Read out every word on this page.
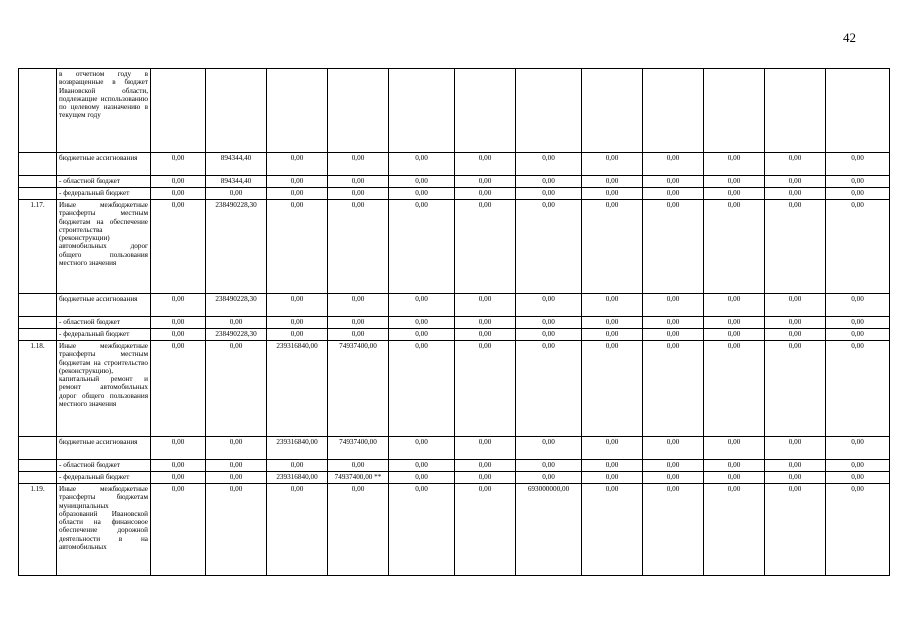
42
	в отчетном году в возвращенные в бюджет Ивановской области, подлежащие использованию по целевому назначению в текущем году												
	бюджетные ассигнования	0,00	894344,40	0,00	0,00	0,00	0,00	0,00	0,00	0,00	0,00	0,00	0,00
	- областной бюджет	0,00	894344,40	0,00	0,00	0,00	0,00	0,00	0,00	0,00	0,00	0,00	0,00
	- федеральный бюджет	0,00	0,00	0,00	0,00	0,00	0,00	0,00	0,00	0,00	0,00	0,00	0,00
1.17.	Иные межбюджетные трансферты местным бюджетам на обеспечение строительства (реконструкции) автомобильных дорог общего пользования местного значения	0,00	238490228,30	0,00	0,00	0,00	0,00	0,00	0,00	0,00	0,00	0,00	0,00
	бюджетные ассигнования	0,00	238490228,30	0,00	0,00	0,00	0,00	0,00	0,00	0,00	0,00	0,00	0,00
	- областной бюджет	0,00	0,00	0,00	0,00	0,00	0,00	0,00	0,00	0,00	0,00	0,00	0,00
	- федеральный бюджет	0,00	238490228,30	0,00	0,00	0,00	0,00	0,00	0,00	0,00	0,00	0,00	0,00
1.18.	Иные межбюджетные трансферты местным бюджетам на строительство (реконструкцию), капитальный ремонт и ремонт автомобильных дорог общего пользования местного значения	0,00	0,00	239316840,00	74937400,00	0,00	0,00	0,00	0,00	0,00	0,00	0,00	0,00
	бюджетные ассигнования	0,00	0,00	239316840,00	74937400,00	0,00	0,00	0,00	0,00	0,00	0,00	0,00	0,00
	- областной бюджет	0,00	0,00	0,00	0,00	0,00	0,00	0,00	0,00	0,00	0,00	0,00	0,00
	- федеральный бюджет	0,00	0,00	239316840,00	74937400,00 **	0,00	0,00	0,00	0,00	0,00	0,00	0,00	0,00
1.19.	Иные межбюджетные трансферты бюджетам муниципальных образований Ивановской области на финансовое обеспечение дорожной деятельности в на автомобильных	0,00	0,00	0,00	0,00	0,00	0,00	693000000,00	0,00	0,00	0,00	0,00	0,00
